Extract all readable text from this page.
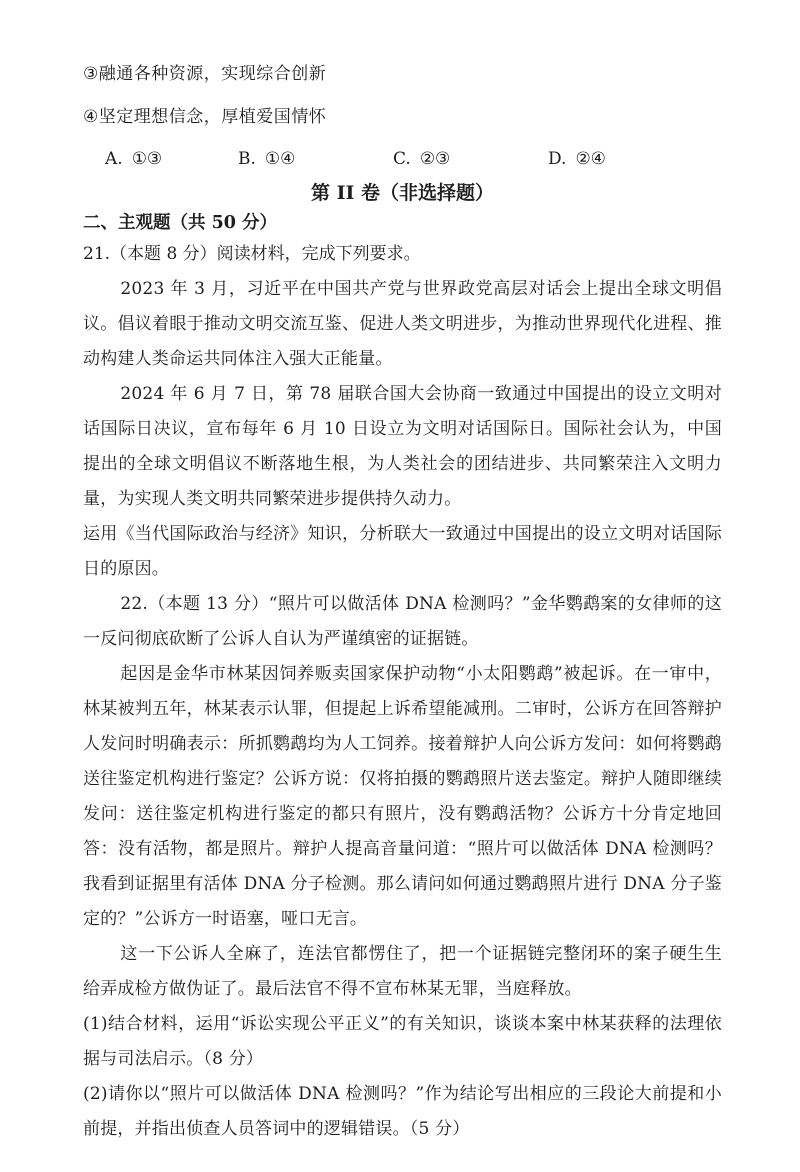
③融通各种资源，实现综合创新
④坚定理想信念，厚植爱国情怀
A. ①③	B. ①④	C. ②③	D. ②④
第 II 卷（非选择题）
二、主观题（共 50 分）
21.（本题 8 分）阅读材料，完成下列要求。

2023 年 3 月，习近平在中国共产党与世界政党高层对话会上提出全球文明倡议。倡议着眼于推动文明交流互鉴、促进人类文明进步，为推动世界现代化进程、推动构建人类命运共同体注入强大正能量。

2024 年 6 月 7 日，第 78 届联合国大会协商一致通过中国提出的设立文明对话国际日决议，宣布每年 6 月 10 日设立为文明对话国际日。国际社会认为，中国提出的全球文明倡议不断落地生根，为人类社会的团结进步、共同繁荣注入文明力量，为实现人类文明共同繁荣进步提供持久动力。

运用《当代国际政治与经济》知识，分析联大一致通过中国提出的设立文明对话国际日的原因。

22.（本题 13 分）“照片可以做活体 DNA 检测吗？”金华鹦鹉案的女律师的这一反问彻底砍断了公诉人自认为严谨缜密的证据链。

起因是金华市林某因饲养贩卖国家保护动物“小太阳鹦鹉”被起诉。在一审中，林某被判五年，林某表示认罪，但提起上诉希望能减刑。二审时，公诉方在回答辩护人发问时明确表示：所抓鹦鹉均为人工饲养。接着辩护人向公诉方发问：如何将鹦鹉送往鉴定机构进行鉴定？公诉方说：仅将拍摄的鹦鹉照片送去鉴定。辩护人随即继续发问：送往鉴定机构进行鉴定的都只有照片，没有鹦鹉活物？公诉方十分肯定地回答：没有活物，都是照片。辩护人提高音量问道：“照片可以做活体 DNA 检测吗？我看到证据里有活体 DNA 分子检测。那么请问如何通过鹦鹉照片进行 DNA 分子鉴定的？”公诉方一时语塞，哑口无言。

这一下公诉人全麻了，连法官都愣住了，把一个证据链完整闭环的案子硬生生给弄成检方做伪证了。最后法官不得不宣布林某无罪，当庭释放。

(1)结合材料，运用“诉讼实现公平正义”的有关知识，谈谈本案中林某获释的法理依据与司法启示。（8 分）

(2)请你以“照片可以做活体 DNA 检测吗？”作为结论写出相应的三段论大前提和小前提，并指出侦查人员答词中的逻辑错误。（5 分）
